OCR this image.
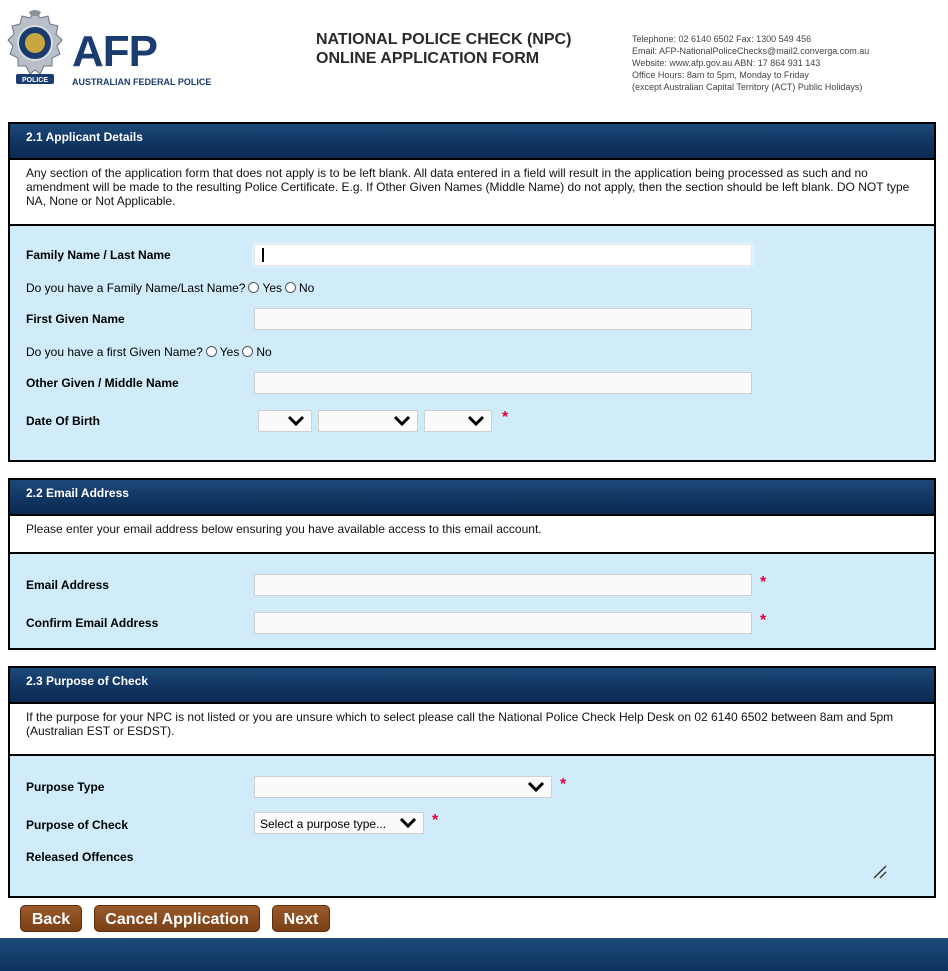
POLICE
AFP
AUSTRALIAN FEDERAL POLICE
NATIONAL POLICE CHECK (NPC)
ONLINE APPLICATION FORM
Telephone: 02 6140 6502 Fax: 1300 549 456
Email: AFP-NationalPoliceChecks@mail2.converga.com.au
Website: www.afp.gov.au ABN: 17 864 931 143
Office Hours: 8am to 5pm, Monday to Friday
(except Australian Capital Territory (ACT) Public Holidays)
2.1 Applicant Details
Any section of the application form that does not apply is to be left blank. All data entered in a field will result in the application being processed as such and no amendment will be made to the resulting Police Certificate. E.g. If Other Given Names (Middle Name) do not apply, then the section should be left blank. DO NOT type NA, None or Not Applicable.
Family Name / Last Name
Do you have a Family Name/Last Name? Yes No
First Given Name
Do you have a first Given Name? Yes No
Other Given / Middle Name
Date Of Birth	*
2.2 Email Address
Please enter your email address below ensuring you have available access to this email account.
Email Address	*
Confirm Email Address	*
2.3 Purpose of Check
If the purpose for your NPC is not listed or you are unsure which to select please call the National Police Check Help Desk on 02 6140 6502 between 8am and 5pm (Australian EST or ESDST).
Purpose Type	*
Purpose of Check	Select a purpose type...	*
Released Offences
Back	Cancel Application	Next
